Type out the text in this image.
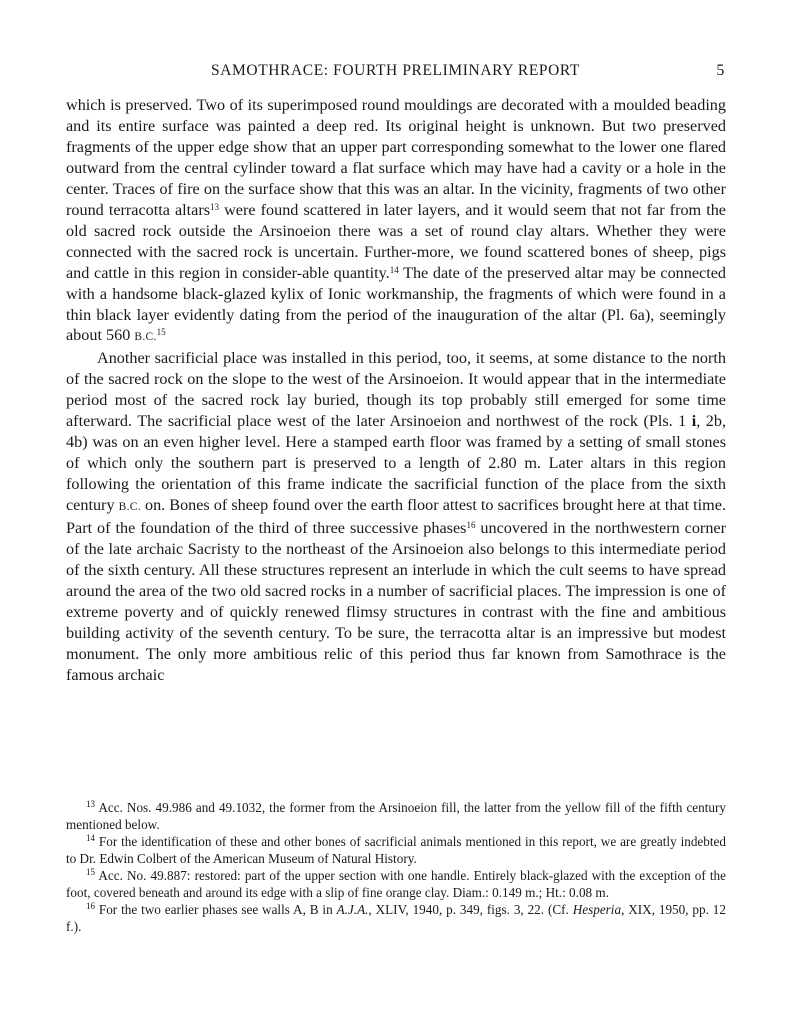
SAMOTHRACE: FOURTH PRELIMINARY REPORT	5

which is preserved. Two of its superimposed round mouldings are decorated with a moulded beading and its entire surface was painted a deep red. Its original height is unknown. But two preserved fragments of the upper edge show that an upper part corresponding somewhat to the lower one flared outward from the central cylinder toward a flat surface which may have had a cavity or a hole in the center. Traces of fire on the surface show that this was an altar. In the vicinity, fragments of two other round terracotta altars$^{13}$ were found scattered in later layers, and it would seem that not far from the old sacred rock outside the Arsinoeion there was a set of round clay altars. Whether they were connected with the sacred rock is uncertain. Further-more, we found scattered bones of sheep, pigs and cattle in this region in consider-able quantity.$^{14}$ The date of the preserved altar may be connected with a handsome black-glazed kylix of Ionic workmanship, the fragments of which were found in a thin black layer evidently dating from the period of the inauguration of the altar (Pl. 6a), seemingly about 560 B.C.$^{15}$

Another sacrificial place was installed in this period, too, it seems, at some distance to the north of the sacred rock on the slope to the west of the Arsinoeion. It would appear that in the intermediate period most of the sacred rock lay buried, though its top probably still emerged for some time afterward. The sacrificial place west of the later Arsinoeion and northwest of the rock (Pls. 1 i, 2b, 4b) was on an even higher level. Here a stamped earth floor was framed by a setting of small stones of which only the southern part is preserved to a length of 2.80 m. Later altars in this region following the orientation of this frame indicate the sacrificial function of the place from the sixth century B.C. on. Bones of sheep found over the earth floor attest to sacrifices brought here at that time. Part of the foundation of the third of three successive phases$^{16}$ uncovered in the northwestern corner of the late archaic Sacristy to the northeast of the Arsinoeion also belongs to this intermediate period of the sixth century. All these structures represent an interlude in which the cult seems to have spread around the area of the two old sacred rocks in a number of sacrificial places. The impression is one of extreme poverty and of quickly renewed flimsy structures in contrast with the fine and ambitious building activity of the seventh century. To be sure, the terracotta altar is an impressive but modest monument. The only more ambitious relic of this period thus far known from Samothrace is the famous archaic

$^{13}$ Acc. Nos. 49.986 and 49.1032, the former from the Arsinoeion fill, the latter from the yellow fill of the fifth century mentioned below.

$^{14}$ For the identification of these and other bones of sacrificial animals mentioned in this report, we are greatly indebted to Dr. Edwin Colbert of the American Museum of Natural History.

$^{15}$ Acc. No. 49.887: restored: part of the upper section with one handle. Entirely black-glazed with the exception of the foot, covered beneath and around its edge with a slip of fine orange clay. Diam.: 0.149 m.; Ht.: 0.08 m.

$^{16}$ For the two earlier phases see walls A, B in A.J.A., XLIV, 1940, p. 349, figs. 3, 22. (Cf. Hesperia, XIX, 1950, pp. 12 f.).
